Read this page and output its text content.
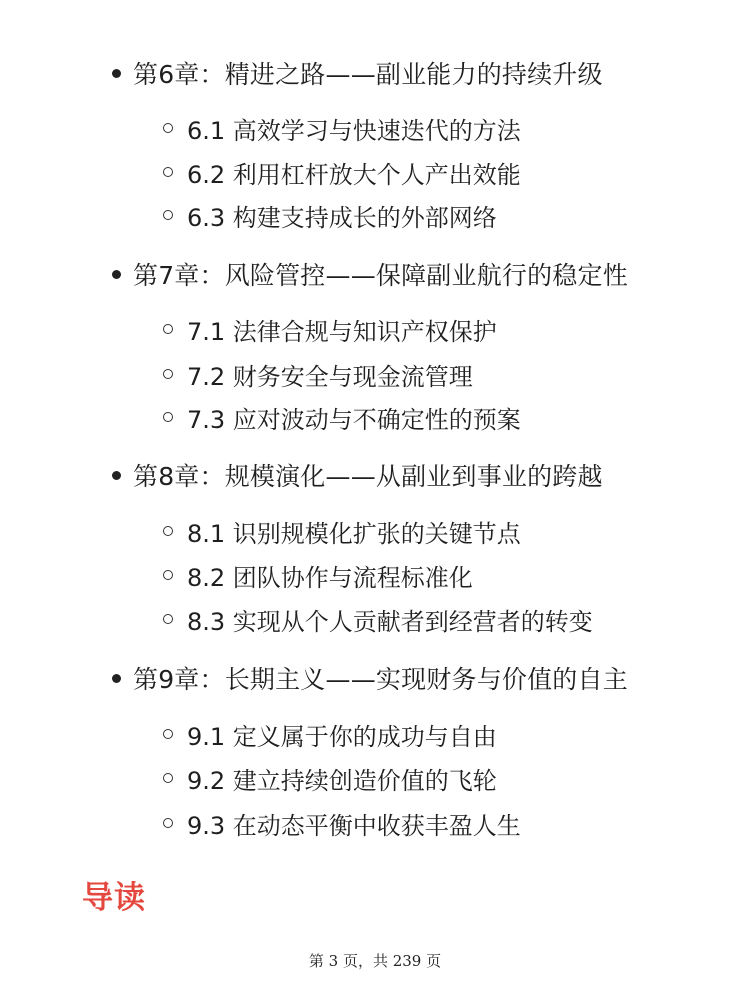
第6章：精进之路——副业能力的持续升级
6.1 高效学习与快速迭代的方法
6.2 利用杠杆放大个人产出效能
6.3 构建支持成长的外部网络
第7章：风险管控——保障副业航行的稳定性
7.1 法律合规与知识产权保护
7.2 财务安全与现金流管理
7.3 应对波动与不确定性的预案
第8章：规模演化——从副业到事业的跨越
8.1 识别规模化扩张的关键节点
8.2 团队协作与流程标准化
8.3 实现从个人贡献者到经营者的转变
第9章：长期主义——实现财务与价值的自主
9.1 定义属于你的成功与自由
9.2 建立持续创造价值的飞轮
9.3 在动态平衡中收获丰盈人生
导读
第 3 页，共 239 页
